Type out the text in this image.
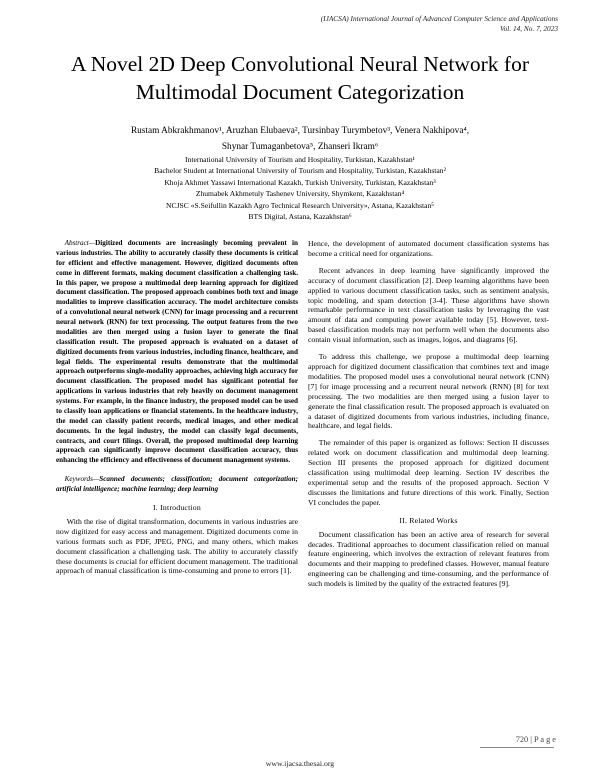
(IJACSA) International Journal of Advanced Computer Science and Applications
Vol. 14, No. 7, 2023
A Novel 2D Deep Convolutional Neural Network for Multimodal Document Categorization
Rustam Abkrakhmanov¹, Aruzhan Elubaeva², Tursinbay Turymbetov³, Venera Nakhipova⁴,
Shynar Tumaganbetova⁵, Zhanseri Ikram⁶
International University of Tourism and Hospitality, Turkistan, Kazakhstan¹
Bachelor Student at International University of Tourism and Hospitality, Turkistan, Kazakhstan²
Khoja Akhmet Yassawi International Kazakh, Turkish University, Turkistan, Kazakhstan³
Zhumabek Akhmetuly Tashenev University, Shymkent, Kazakhstan⁴
NCJSC «S.Seifullin Kazakh Agro Technical Research University», Astana, Kazakhstan⁵
BTS Digital, Astana, Kazakhstan⁶

Abstract—Digitized documents are increasingly becoming prevalent in various industries. The ability to accurately classify these documents is critical for efficient and effective management. However, digitized documents often come in different formats, making document classification a challenging task. In this paper, we propose a multimodal deep learning approach for digitized document classification. The proposed approach combines both text and image modalities to improve classification accuracy. The model architecture consists of a convolutional neural network (CNN) for image processing and a recurrent neural network (RNN) for text processing. The output features from the two modalities are then merged using a fusion layer to generate the final classification result. The proposed approach is evaluated on a dataset of digitized documents from various industries, including finance, healthcare, and legal fields. The experimental results demonstrate that the multimodal approach outperforms single-modality approaches, achieving high accuracy for document classification. The proposed model has significant potential for applications in various industries that rely heavily on document management systems. For example, in the finance industry, the proposed model can be used to classify loan applications or financial statements. In the healthcare industry, the model can classify patient records, medical images, and other medical documents. In the legal industry, the model can classify legal documents, contracts, and court filings. Overall, the proposed multimodal deep learning approach can significantly improve document classification accuracy, thus enhancing the efficiency and effectiveness of document management systems.

Keywords—Scanned documents; classification; document categorization; artificial intelligence; machine learning; deep learning

I. Introduction

With the rise of digital transformation, documents in various industries are now digitized for easy access and management. Digitized documents come in various formats such as PDF, JPEG, PNG, and many others, which makes document classification a challenging task. The ability to accurately classify these documents is crucial for efficient document management. The traditional approach of manual classification is time-consuming and prone to errors [1].

Hence, the development of automated document classification systems has become a critical need for organizations.

Recent advances in deep learning have significantly improved the accuracy of document classification [2]. Deep learning algorithms have been applied to various document classification tasks, such as sentiment analysis, topic modeling, and spam detection [3-4]. These algorithms have shown remarkable performance in text classification tasks by leveraging the vast amount of data and computing power available today [5]. However, text-based classification models may not perform well when the documents also contain visual information, such as images, logos, and diagrams [6].

To address this challenge, we propose a multimodal deep learning approach for digitized document classification that combines text and image modalities. The proposed model uses a convolutional neural network (CNN) [7] for image processing and a recurrent neural network (RNN) [8] for text processing. The two modalities are then merged using a fusion layer to generate the final classification result. The proposed approach is evaluated on a dataset of digitized documents from various industries, including finance, healthcare, and legal fields.

The remainder of this paper is organized as follows: Section II discusses related work on document classification and multimodal deep learning. Section III presents the proposed approach for digitized document classification using multimodal deep learning. Section IV describes the experimental setup and the results of the proposed approach. Section V discusses the limitations and future directions of this work. Finally, Section VI concludes the paper.

II. Related Works

Document classification has been an active area of research for several decades. Traditional approaches to document classification relied on manual feature engineering, which involves the extraction of relevant features from documents and their mapping to predefined classes. However, manual feature engineering can be challenging and time-consuming, and the performance of such models is limited by the quality of the extracted features [9].

720 | P a g e
www.ijacsa.thesai.org
